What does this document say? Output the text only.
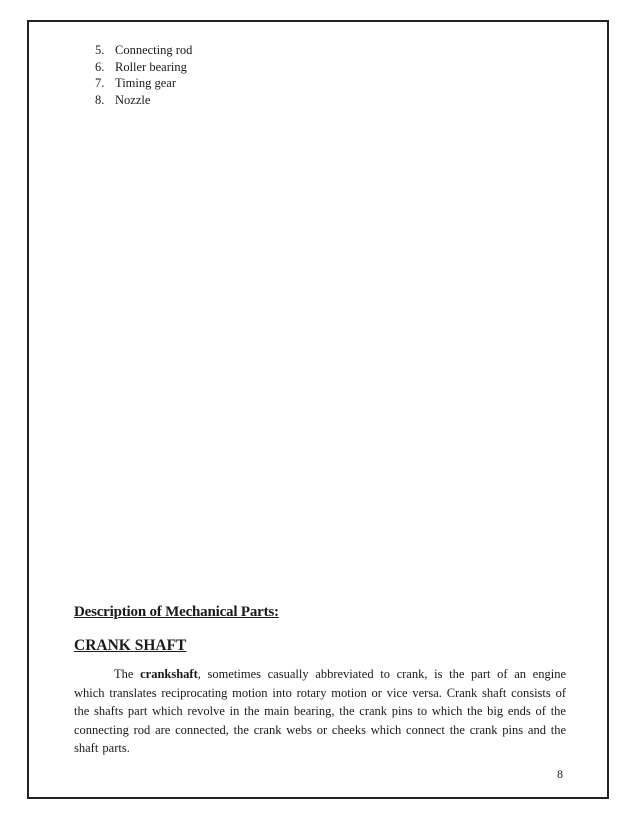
5. Connecting rod
6. Roller bearing
7. Timing gear
8. Nozzle
Description of Mechanical Parts:
CRANK SHAFT

The crankshaft, sometimes casually abbreviated to crank, is the part of an engine which translates reciprocating motion into rotary motion or vice versa. Crank shaft consists of the shafts part which revolve in the main bearing, the crank pins to which the big ends of the connecting rod are connected, the crank webs or cheeks which connect the crank pins and the shaft parts.

8
